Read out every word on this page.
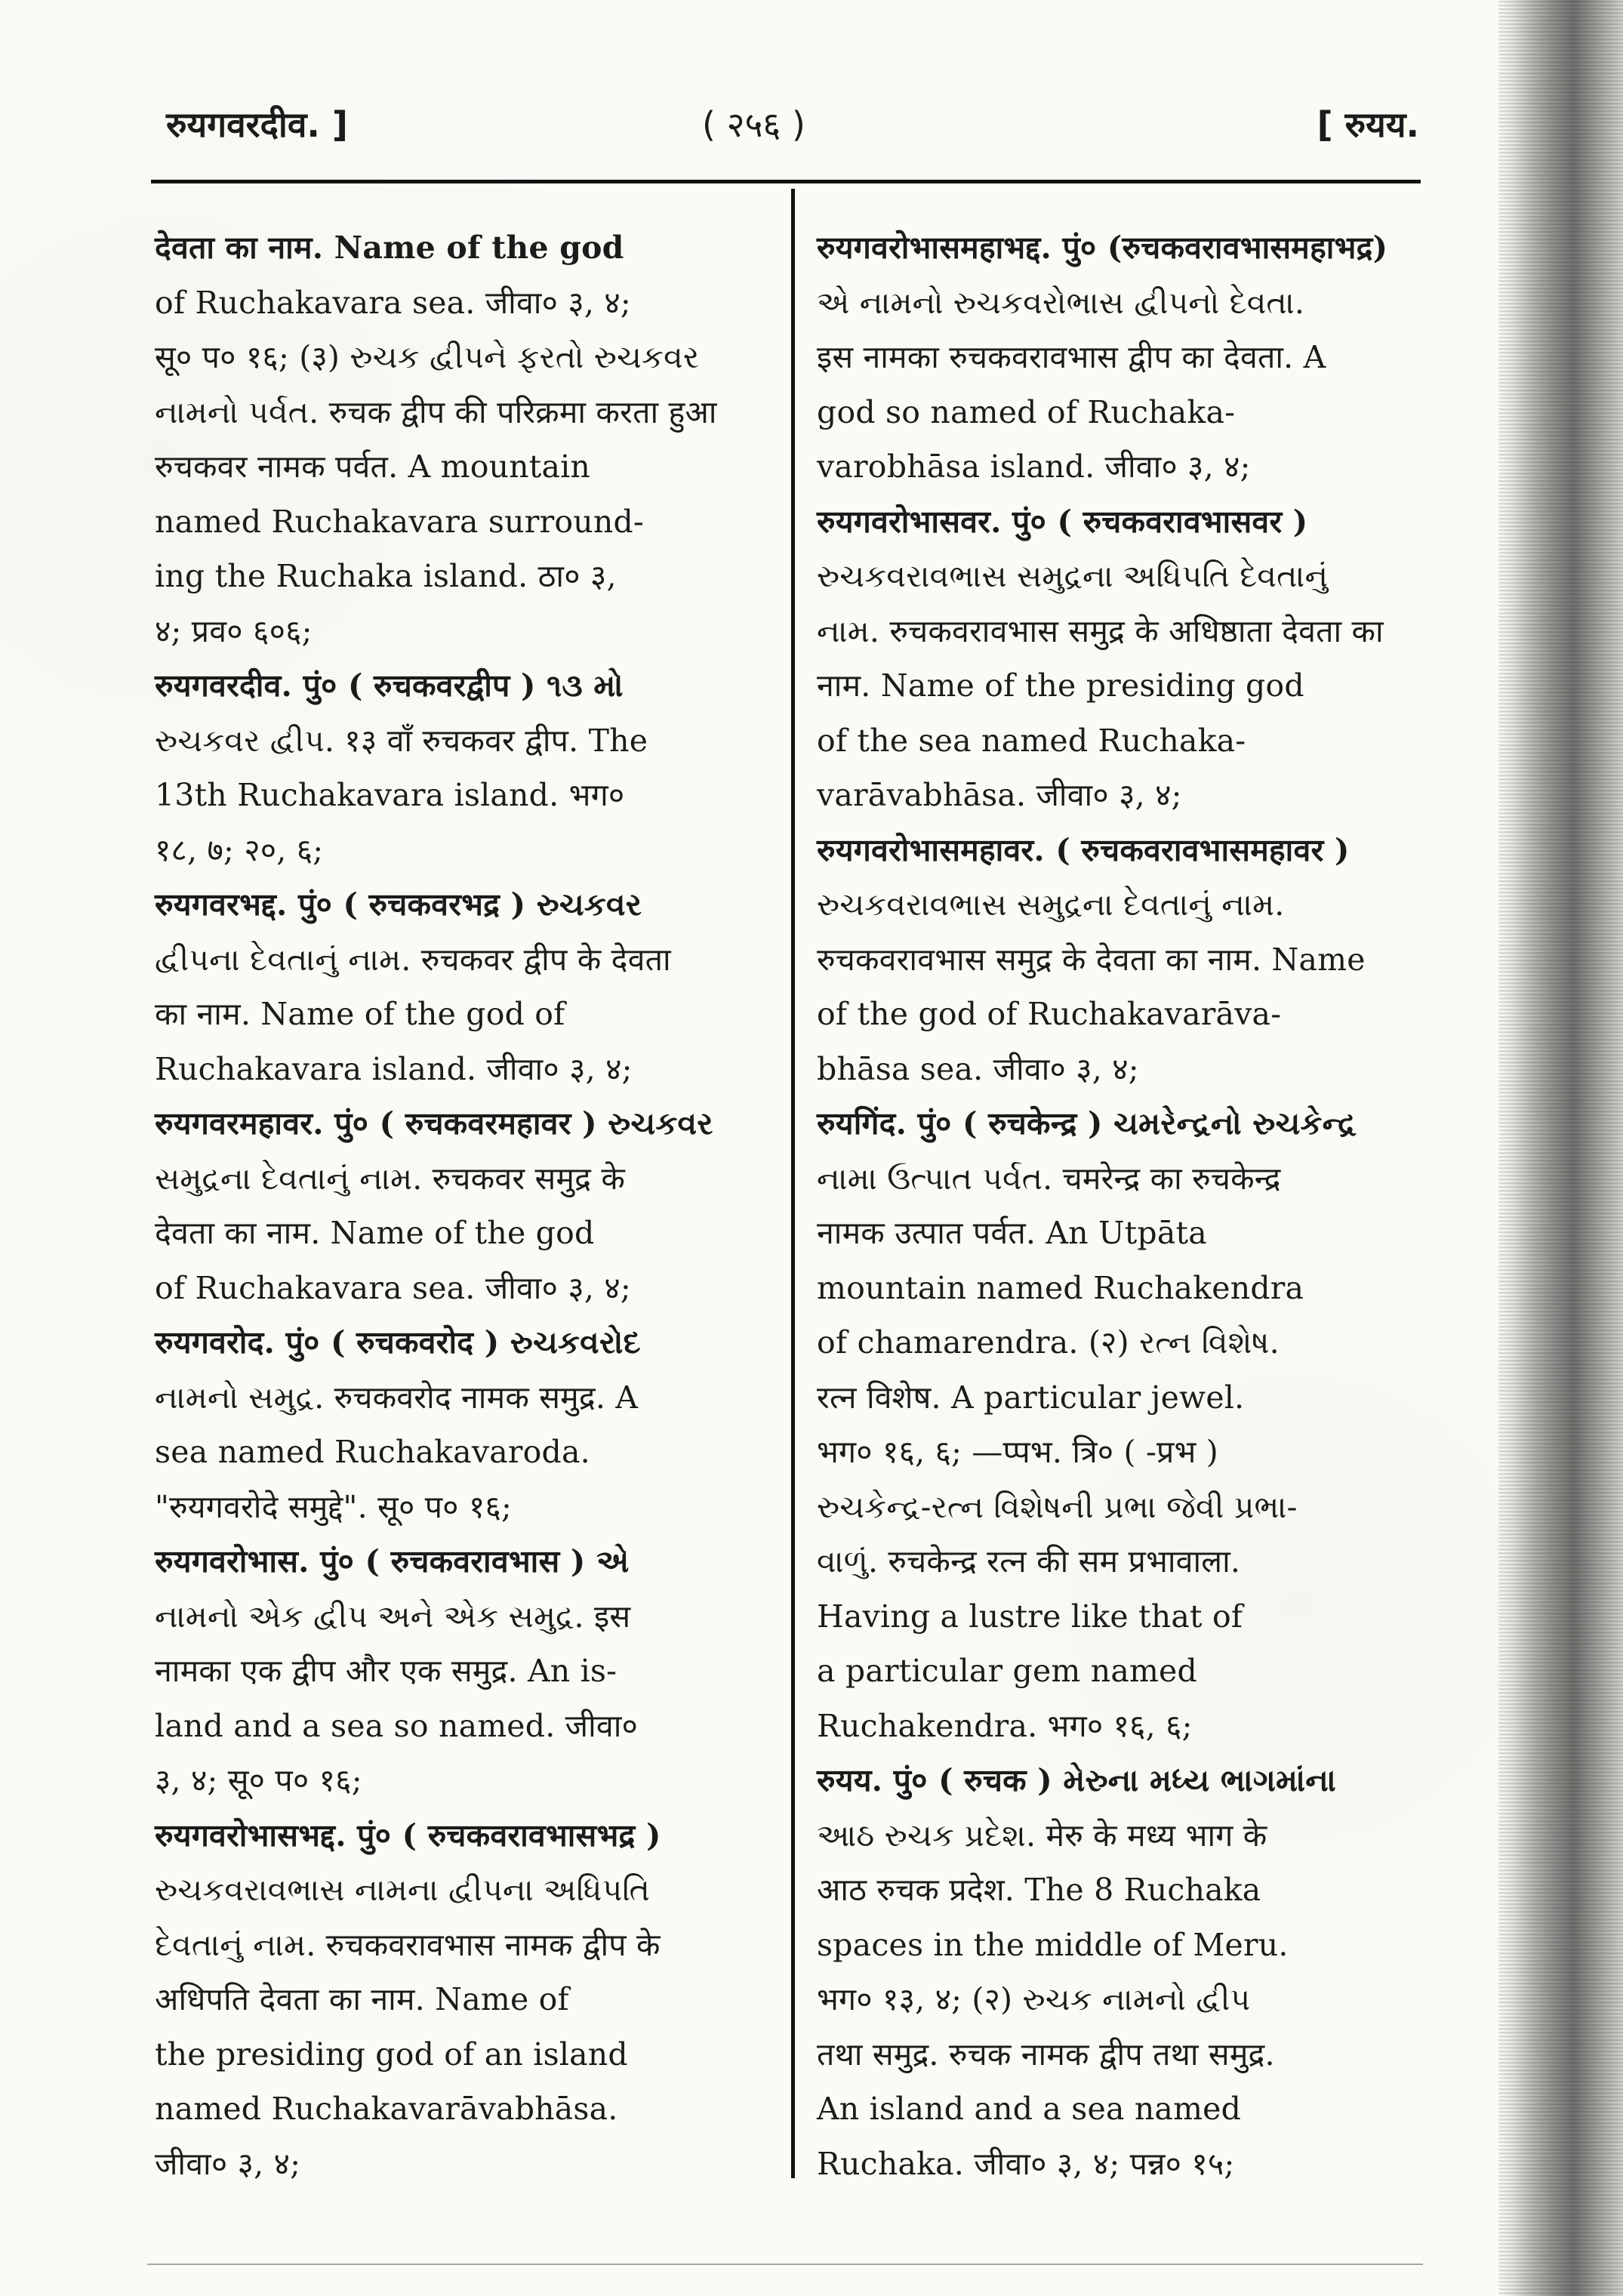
रुयगवरदीव. ]	( २५६ )	[ रुयय.
देवता का नाम. Name of the god
of Ruchakavara sea. जीवा० ३, ४;
सू० प० १६; (३) રુચક દ્વીપને ફરતો રુચકવર
નામનો પર્વત. रुचक द्वीप की परिक्रमा करता हुआ
रुचकवर नामक पर्वत. A mountain
named Ruchakavara surround-
ing the Ruchaka island. ठा० ३,
४; प्रव० ६०६;
रुयगवरदीव. पुं० ( रुचकवरद्वीप ) ૧૩ મો
રુચકવર દ્વીપ. १३ वाँ रुचकवर द्वीप. The
13th Ruchakavara island. भग०
१८, ७; २०, ६;
रुयगवरभद्द. पुं० ( रुचकवरभद्र ) રુચકવર
દ્વીપના દેવતાનું નામ. रुचकवर द्वीप के देवता
का नाम. Name of the god of
Ruchakavara island. जीवा० ३, ४;
रुयगवरमहावर. पुं० ( रुचकवरमहावर ) રુચકવર
સમુદ્રના દેવતાનું નામ. रुचकवर समुद्र के
देवता का नाम. Name of the god
of Ruchakavara sea. जीवा० ३, ४;
रुयगवरोद. पुं० ( रुचकवरोद ) રુચકવરોદ
નામનો સમુદ્ર. रुचकवरोद नामक समुद्र. A
sea named Ruchakavaroda.
"रुयगवरोदे समुद्दे". सू० प० १६;
रुयगवरोभास. पुं० ( रुचकवरावभास ) એ
નામનો એક દ્વીપ અને એક સમુદ્ર. इस
नामका एक द्वीप और एक समुद्र. An is-
land and a sea so named. जीवा०
३, ४; सू० प० १६;
रुयगवरोभासभद्द. पुं० ( रुचकवरावभासभद्र )
રુચકવરાવભાસ નામના દ્વીપના અધિપતિ
દેવતાનું નામ. रुचकवरावभास नामक द्वीप के
अधिपति देवता का नाम. Name of
the presiding god of an island
named Ruchakavarāvabhāsa.
जीवा० ३, ४;
रुयगवरोभासमहाभद्द. पुं० (रुचकवरावभासमहाभद्र)
એ નામનો રુચકવરોભાસ દ્વીપનો દેવતા.
इस नामका रुचकवरावभास द्वीप का देवता. A
god so named of Ruchaka-
varobhāsa island. जीवा० ३, ४;
रुयगवरोभासवर. पुं० ( रुचकवरावभासवर )
રુચકવરાવભાસ સમુદ્રના અધિપતિ દેવતાનું
નામ. रुचकवरावभास समुद्र के अधिष्ठाता देवता का
नाम. Name of the presiding god
of the sea named Ruchaka-
varāvabhāsa. जीवा० ३, ४;
रुयगवरोभासमहावर. ( रुचकवरावभासमहावर )
રુચકવરાવભાસ સમુદ્રના દેવતાનું નામ.
रुचकवरावभास समुद्र के देवता का नाम. Name
of the god of Ruchakavarāva-
bhāsa sea. जीवा० ३, ४;
रुयगिंद. पुं० ( रुचकेन्द्र ) ચમરેન્દ્રનો રુચકેન્દ્ર
નામા ઉત્પાત પર્વત. चमरेन्द्र का रुचकेन्द्र
नामक उत्पात पर्वत. An Utpāta
mountain named Ruchakendra
of chamarendra. (२) રત્ન વિશેષ.
रत्न विशेष. A particular jewel.
भग० १६, ६; —प्पभ. त्रि० ( -प्रभ )
રુચકેન્દ્ર-રત્ન વિશેષની પ્રભા જેવી પ્રભા-
વાળું. रुचकेन्द्र रत्न की सम प्रभावाला.
Having a lustre like that of
a particular gem named
Ruchakendra. भग० १६, ६;
रुयय. पुं० ( रुचक ) મેરુના મધ્ય ભાગમાંના
આઠ રુચક પ્રદેશ. मेरु के मध्य भाग के
आठ रुचक प्रदेश. The 8 Ruchaka
spaces in the middle of Meru.
भग० १३, ४; (२) રુચક નામનો દ્વીપ
तथा समुद्र. रुचक नामक द्वीप तथा समुद्र.
An island and a sea named
Ruchaka. जीवा० ३, ४; पन्न० १५;
